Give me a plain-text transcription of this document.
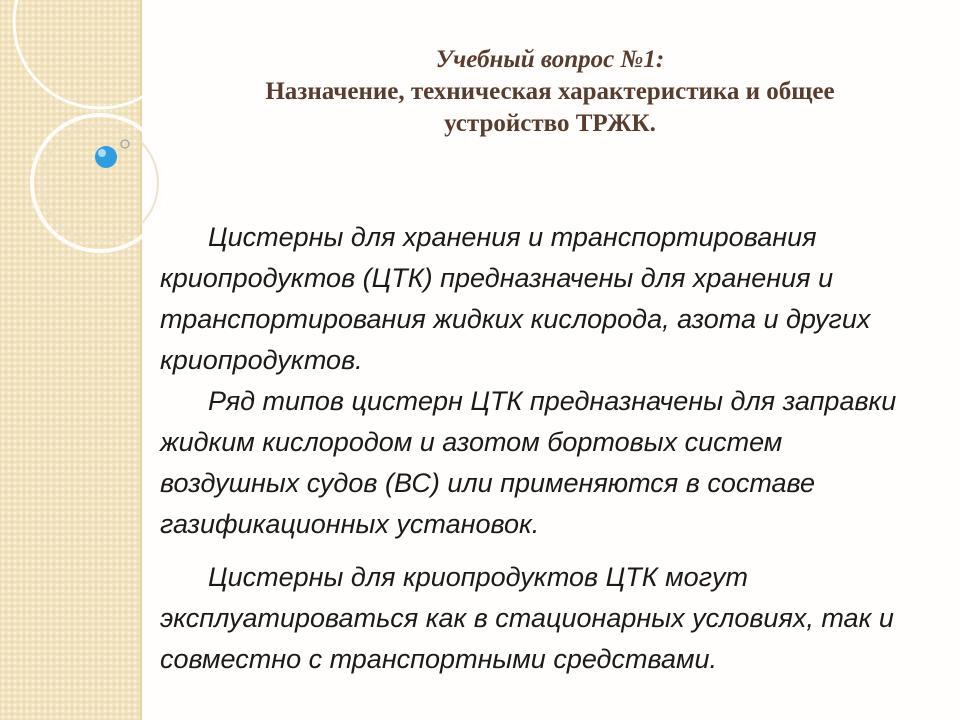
Учебный вопрос №1:
Назначение, техническая характеристика и общее
устройство ТРЖК.

Цистерны для хранения и транспортирования криопродуктов (ЦТК) предназначены для хранения и транспортирования жидких кислорода, азота и других криопродуктов.

Ряд типов цистерн ЦТК предназначены для заправки жидким кислородом и азотом бортовых систем воздушных судов (ВС) или применяются в составе газификационных установок.

Цистерны для криопродуктов ЦТК могут эксплуатироваться как в стационарных условиях, так и совместно с транспортными средствами.
